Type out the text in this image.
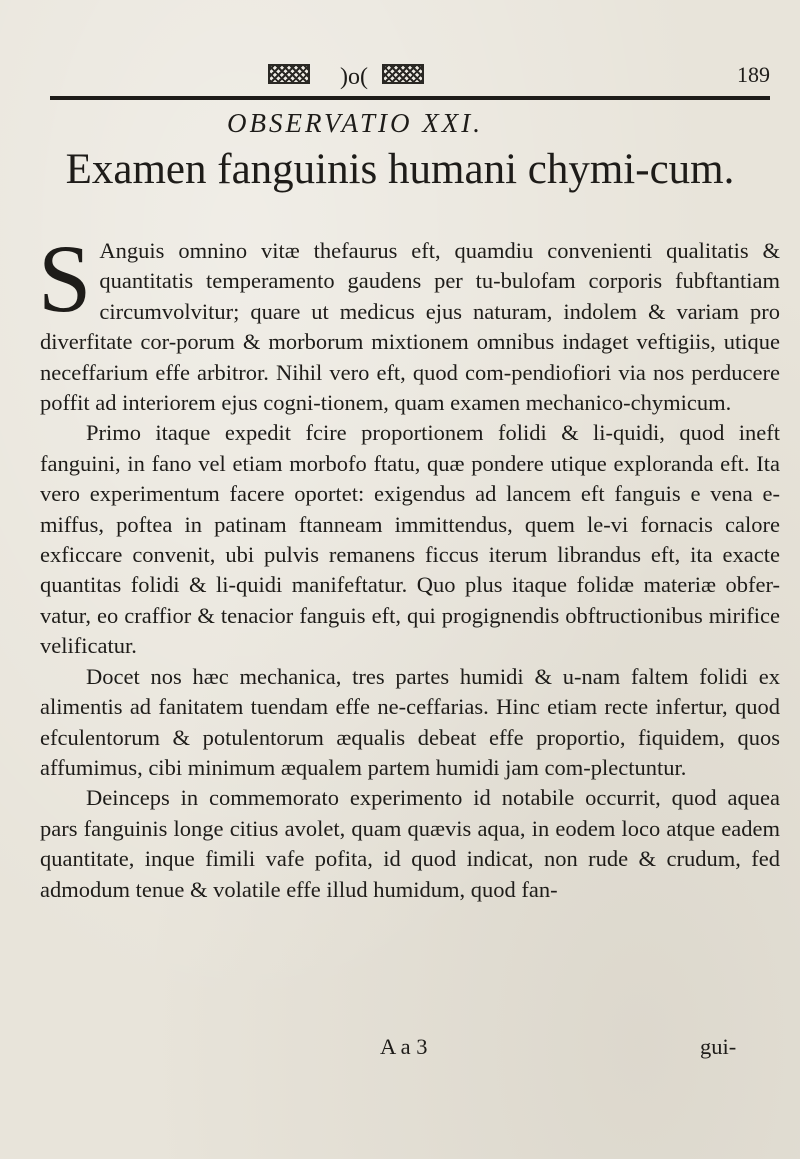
)o(	189
OBSERVATIO XXI.
Examen fanguinis humani chymi-cum.

S Anguis omnino vitæ thefaurus eft, quamdiu convenienti qualitatis & quantitatis temperamento gaudens per tu-bulofam corporis fubftantiam circumvolvitur; quare ut medicus ejus naturam, indolem & variam pro diverfitate cor-porum & morborum mixtionem omnibus indaget veftigiis, utique neceffarium effe arbitror. Nihil vero eft, quod com-pendiofiori via nos perducere poffit ad interiorem ejus cogni-tionem, quam examen mechanico-chymicum.

Primo itaque expedit fcire proportionem folidi & li-quidi, quod ineft fanguini, in fano vel etiam morbofo ftatu, quæ pondere utique exploranda eft. Ita vero experimentum facere oportet: exigendus ad lancem eft fanguis e vena e-miffus, poftea in patinam ftanneam immittendus, quem le-vi fornacis calore exficcare convenit, ubi pulvis remanens ficcus iterum librandus eft, ita exacte quantitas folidi & li-quidi manifeftatur. Quo plus itaque folidæ materiæ obfer-vatur, eo craffior & tenacior fanguis eft, qui progignendis obftructionibus mirifice velificatur.

Docet nos hæc mechanica, tres partes humidi & u-nam faltem folidi ex alimentis ad fanitatem tuendam effe ne-ceffarias. Hinc etiam recte infertur, quod efculentorum & potulentorum æqualis debeat effe proportio, fiquidem, quos affumimus, cibi minimum æqualem partem humidi jam com-plectuntur.

Deinceps in commemorato experimento id notabile occurrit, quod aquea pars fanguinis longe citius avolet, quam quævis aqua, in eodem loco atque eadem quantitate, inque fimili vafe pofita, id quod indicat, non rude & crudum, fed admodum tenue & volatile effe illud humidum, quod fan-

A a 3	gui-
